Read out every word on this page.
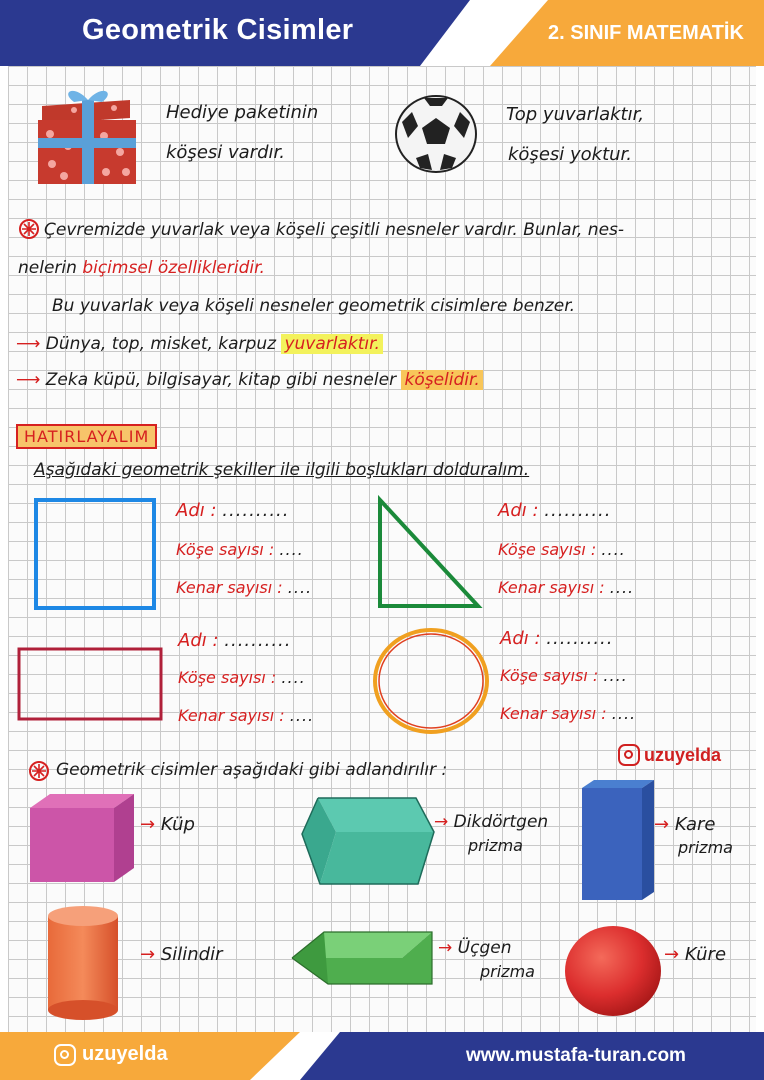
Geometrik Cisimler	2. SINIF MATEMATİK
Hediye paketinin
köşesi vardır.
Top yuvarlaktır,
köşesi yoktur.
Çevremizde yuvarlak veya köşeli çeşitli nesneler vardır. Bunlar, nes-
nelerin biçimsel özellikleridir.
Bu yuvarlak veya köşeli nesneler geometrik cisimlere benzer.
⟶ Dünya, top, misket, karpuz yuvarlaktır.
⟶ Zeka küpü, bilgisayar, kitap gibi nesneler köşelidir.
HATIRLAYALIM
Aşağıdaki geometrik şekiller ile ilgili boşlukları dolduralım.
Adı : ..........
Köşe sayısı : ....
Kenar sayısı : ....
Adı : ..........
Köşe sayısı : ....
Kenar sayısı : ....
Adı : ..........
Köşe sayısı : ....
Kenar sayısı : ....
Adı : ..........
Köşe sayısı : ....
Kenar sayısı : ....
Geometrik cisimler aşağıdaki gibi adlandırılır :
uzuyelda
→ Küp	→ Dikdörtgen
prizma
→ Kare
prizma
→ Silindir	→ Üçgen
prizma
→ Küre
uzuyelda	www.mustafa-turan.com
